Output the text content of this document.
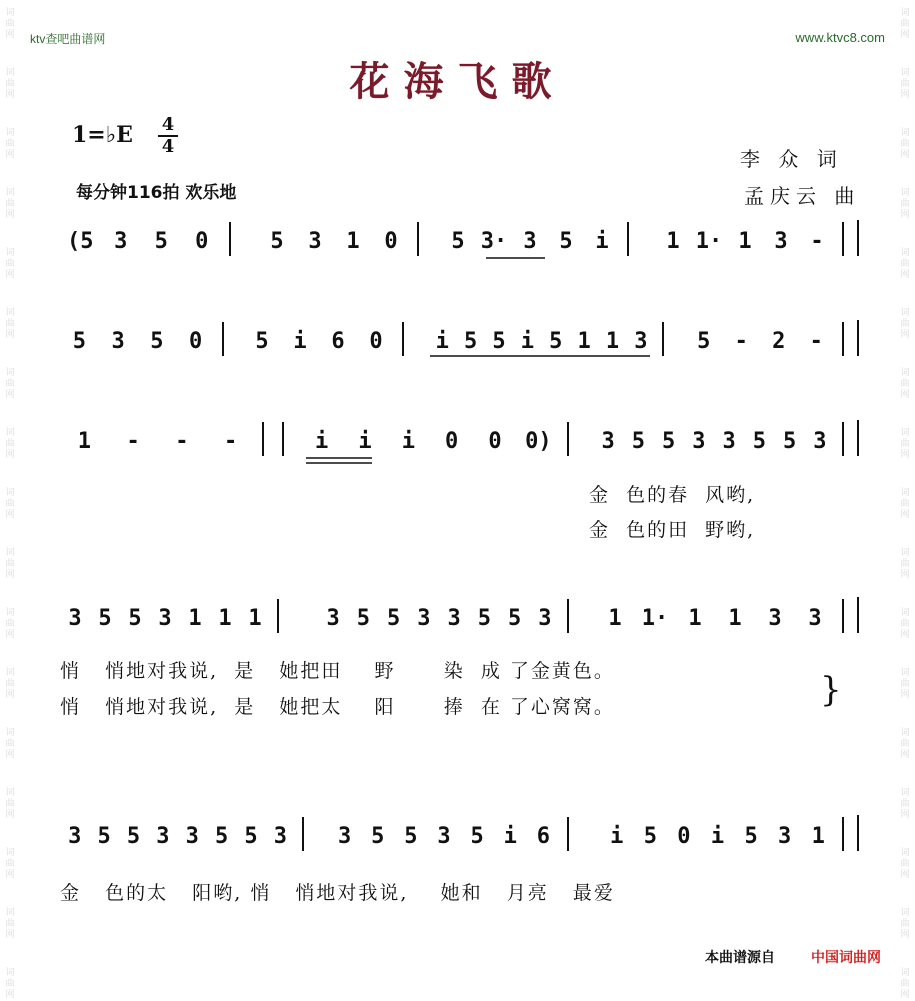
ktv查吧曲谱网	www.ktvc8.com
花海飞歌
1=♭E 4
4
每分钟116拍 欢乐地
李 众 词
孟庆云 曲
词
曲
网
词
曲
网
词
曲
网
词
曲
网
词
曲
网
词
曲
网
词
曲
网
词
曲
网
词
曲
网
词
曲
网
词
曲
网
词
曲
网
词
曲
网
词
曲
网
词
曲
网
词
曲
网
词
曲
网
词
曲
网
词
曲
网
词
曲
网
词
曲
网
词
曲
网
词
曲
网
词
曲
网
词
曲
网
词
曲
网
词
曲
网
词
曲
网
词
曲
网
词
曲
网
词
曲
网
词
曲
网
词
曲
网
词
曲
网
(5 3 5 0	5 3 1 0 5 3· 3 5 i	1 1· 1 3 -
5 3 5 0 5 i 6 0 i 5 5 i 5 1 1 3 5 - 2 -
1 - - -	i i i 0 0 0) 3 5 5 3 3 5 5 3
3 5 5 3 1 1 1	3 5 5 3 3 5 5 3	1 1· 1 1 3 3
3 5 5 3 3 5 5 3 3 5 5 3 5 i 6	i 5 0 i 5 3 1
金  色的春  风哟,
金  色的田  野哟,
悄   悄地对我说,  是   她把田    野      染  成 了金黄色。
悄   悄地对我说,  是   她把太    阳      捧  在 了心窝窝。	}
金   色的太   阳哟, 悄   悄地对我说,    她和   月亮   最爱
本曲谱源自	中国词曲网
